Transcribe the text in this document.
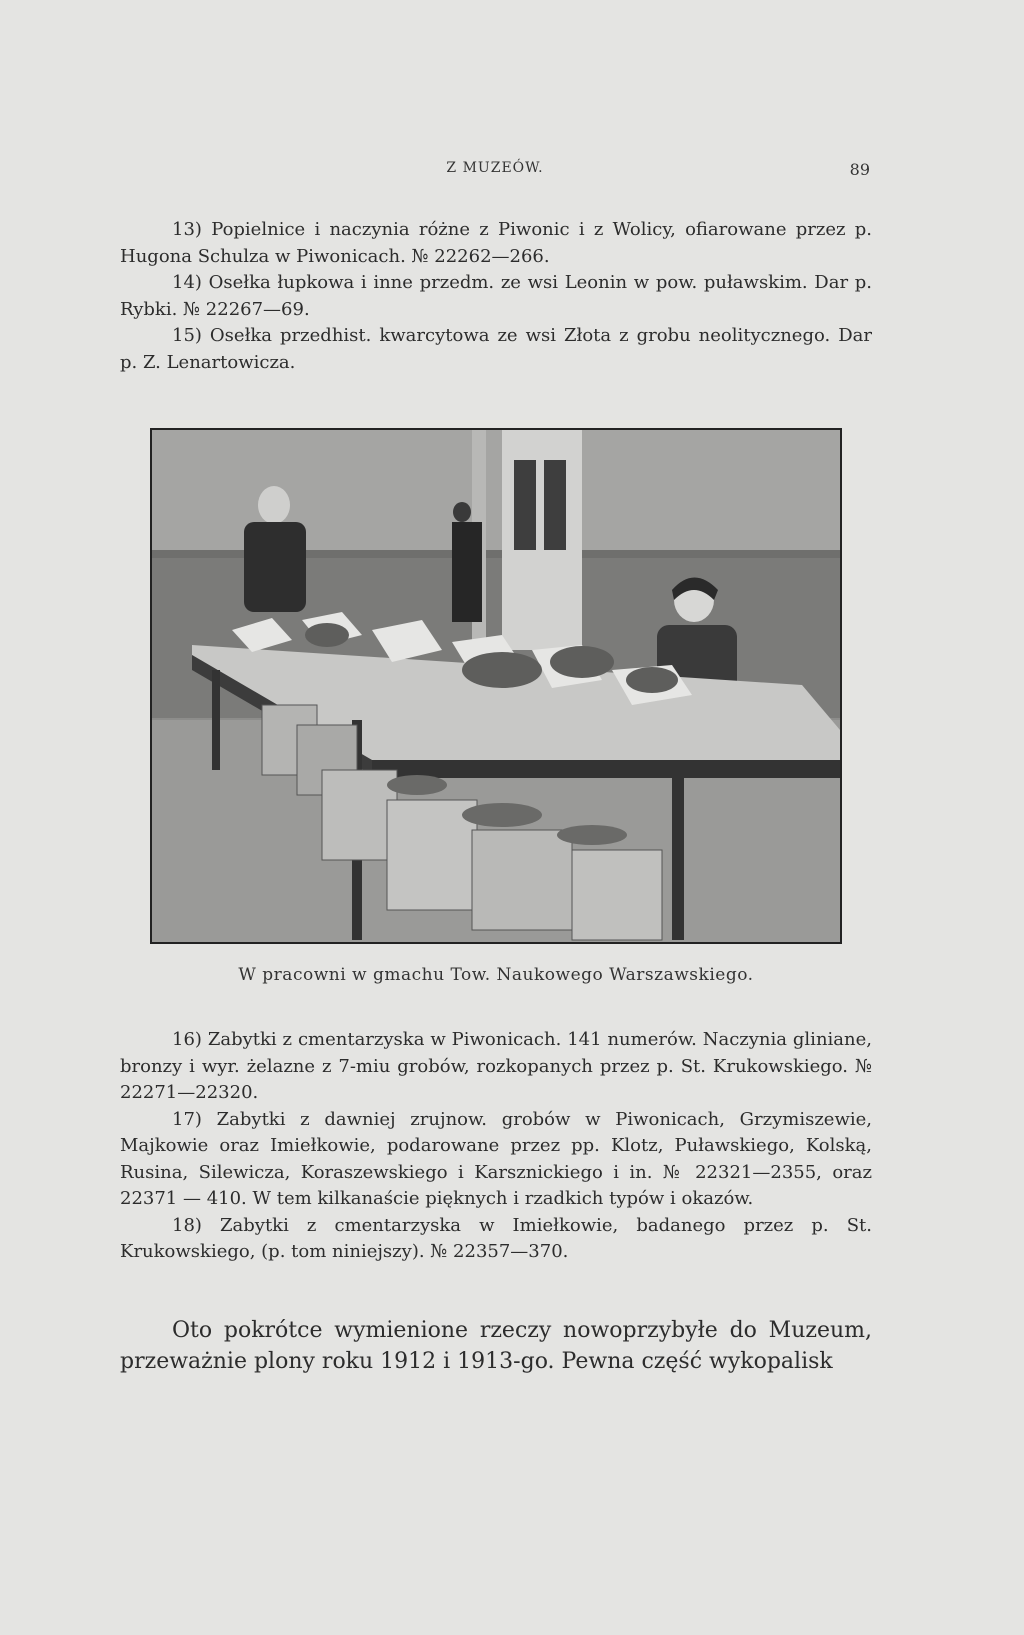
Z MUZEÓW.	89

13) Popielnice i naczynia różne z Piwonic i z Wolicy, ofiarowane przez p. Hugona Schulza w Piwonicach. № 22262—266.

14) Osełka łupkowa i inne przedm. ze wsi Leonin w pow. puławskim. Dar p. Rybki. № 22267—69.

15) Osełka przedhist. kwarcytowa ze wsi Złota z grobu neolitycznego. Dar p. Z. Lenartowicza.

W pracowni w gmachu Tow. Naukowego Warszawskiego.

16) Zabytki z cmentarzyska w Piwonicach. 141 numerów. Naczynia gliniane, bronzy i wyr. żelazne z 7-miu grobów, rozkopanych przez p. St. Krukowskiego. № 22271—22320.

17) Zabytki z dawniej zrujnow. grobów w Piwonicach, Grzymiszewie, Majkowie oraz Imiełkowie, podarowane przez pp. Klotz, Puławskiego, Kolską, Rusina, Silewicza, Koraszewskiego i Karsznickiego i in. № 22321—2355, oraz 22371 — 410. W tem kilkanaście pięknych i rzadkich typów i okazów.

18) Zabytki z cmentarzyska w Imiełkowie, badanego przez p. St. Krukowskiego, (p. tom niniejszy). № 22357—370.

Oto pokrótce wymienione rzeczy nowoprzybyłe do Muzeum, przeważnie plony roku 1912 i 1913-go. Pewna część wykopalisk
